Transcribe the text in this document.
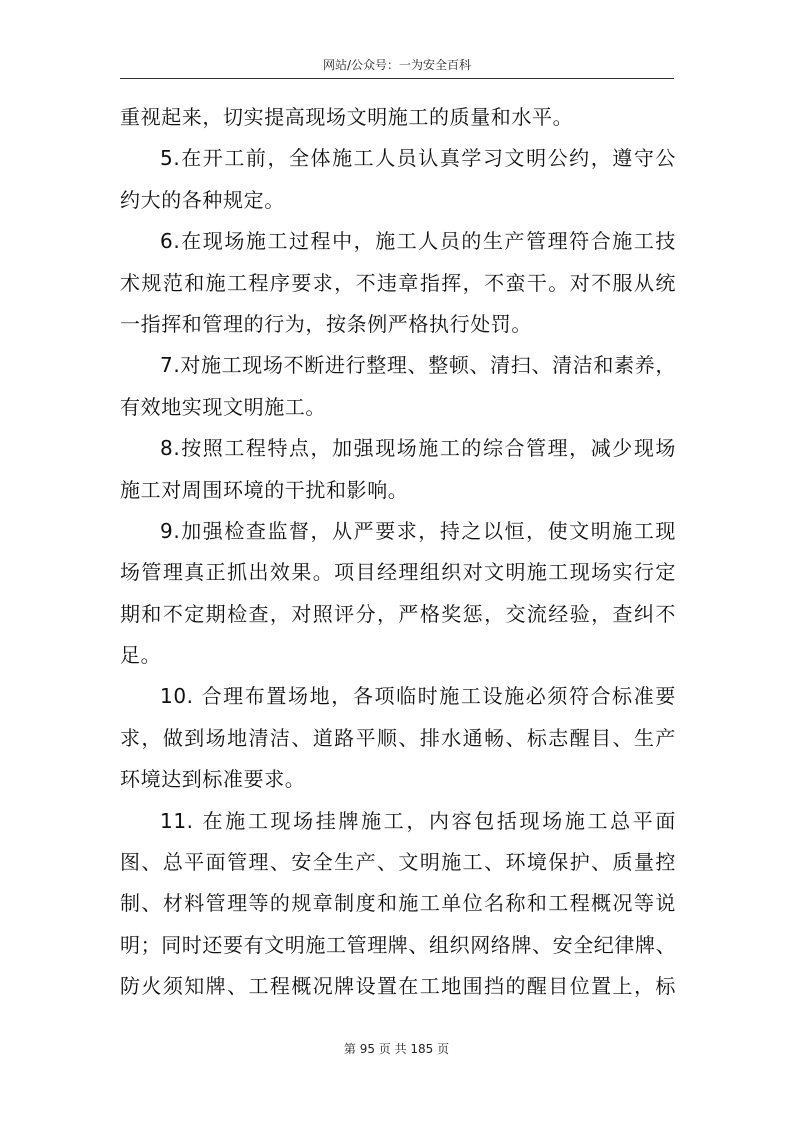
网站/公众号：一为安全百科
重视起来，切实提高现场文明施工的质量和水平。
5.在开工前，全体施工人员认真学习文明公约，遵守公
约大的各种规定。
6.在现场施工过程中，施工人员的生产管理符合施工技
术规范和施工程序要求，不违章指挥，不蛮干。对不服从统
一指挥和管理的行为，按条例严格执行处罚。
7.对施工现场不断进行整理、整顿、清扫、清洁和素养，
有效地实现文明施工。
8.按照工程特点，加强现场施工的综合管理，减少现场
施工对周围环境的干扰和影响。
9.加强检查监督，从严要求，持之以恒，使文明施工现
场管理真正抓出效果。项目经理组织对文明施工现场实行定
期和不定期检查，对照评分，严格奖惩，交流经验，查纠不
足。
10. 合理布置场地，各项临时施工设施必须符合标准要
求，做到场地清洁、道路平顺、排水通畅、标志醒目、生产
环境达到标准要求。
11. 在施工现场挂牌施工，内容包括现场施工总平面
图、总平面管理、安全生产、文明施工、环境保护、质量控
制、材料管理等的规章制度和施工单位名称和工程概况等说
明；同时还要有文明施工管理牌、组织网络牌、安全纪律牌、
防火须知牌、工程概况牌设置在工地围挡的醒目位置上，标
第 95 页 共 185 页
